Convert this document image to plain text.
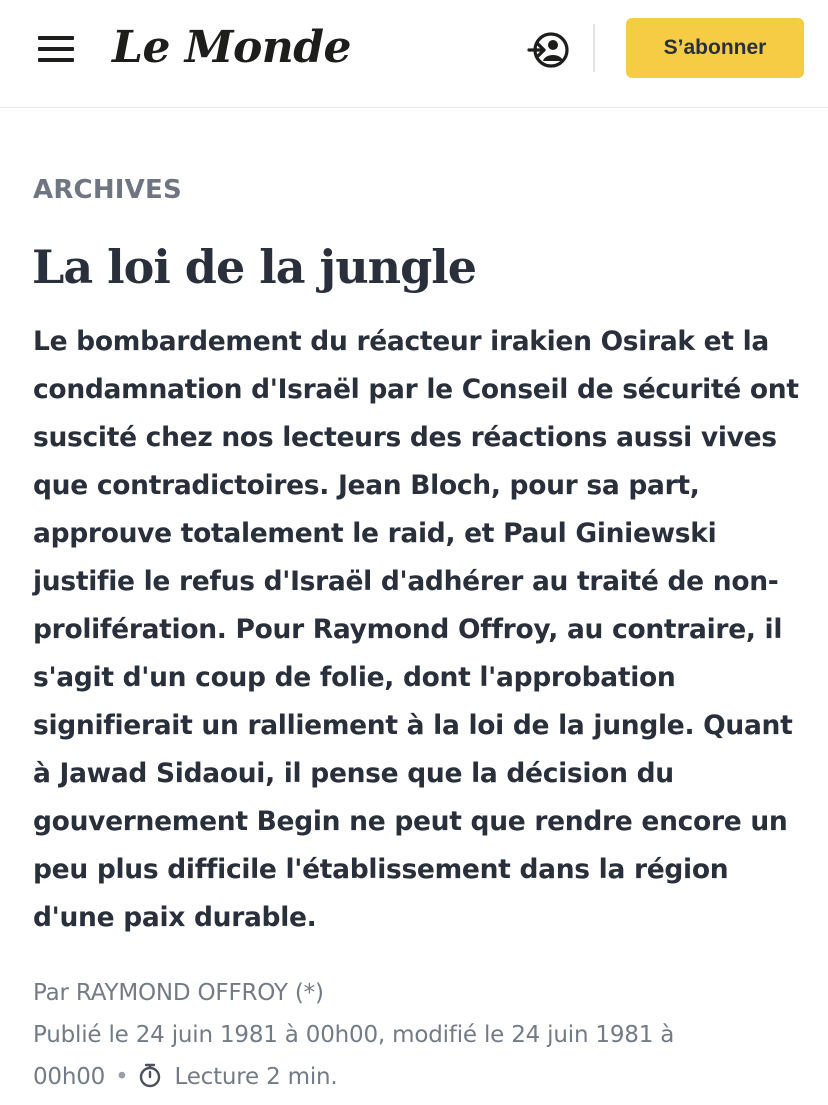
Le Monde	S’abonner
ARCHIVES
La loi de la jungle

Le bombardement du réacteur irakien Osirak et la condamnation d'Israël par le Conseil de sécurité ont suscité chez nos lecteurs des réactions aussi vives que contradictoires. Jean Bloch, pour sa part, approuve totalement le raid, et Paul Giniewski justifie le refus d'Israël d'adhérer au traité de non-prolifération. Pour Raymond Offroy, au contraire, il s'agit d'un coup de folie, dont l'approbation signifierait un ralliement à la loi de la jungle. Quant à Jawad Sidaoui, il pense que la décision du gouvernement Begin ne peut que rendre encore un peu plus difficile l'établissement dans la région d'une paix durable.

Par RAYMOND OFFROY (*)
Publié le 24 juin 1981 à 00h00, modifié le 24 juin 1981 à
00h00 • Lecture 2 min.
